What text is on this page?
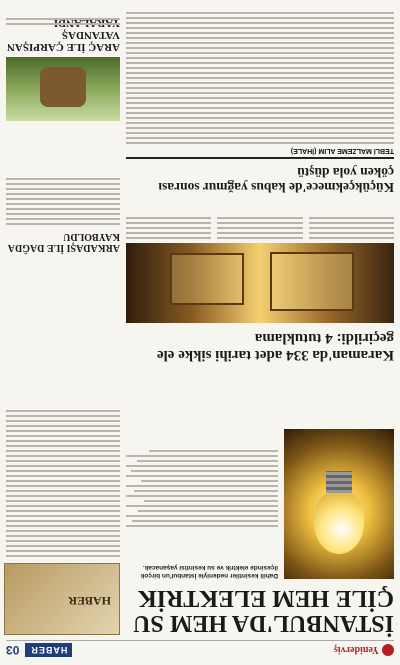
Yeniderviş
HABER
03
İSTANBUL'DA HEM SU ÇİLE HEM ELEKTRİK
Dahili kesintiler nedeniyle İstanbul'un birçok ilçesinde elektrik ve su kesintisi yaşanacak.
Karaman'da 334 adet tarihi sikke ele geçirildi: 4 tutuklama
Küçükçekmece'de kabus yağmur sonrası çöken yola düştü
TEBLİ MALZEME ALIM (İHALE)
HABER
ARKADAŞI İLE DAĞDA KAYBOLDU
ARAÇ İLE ÇARPIŞAN VATANDAŞ
